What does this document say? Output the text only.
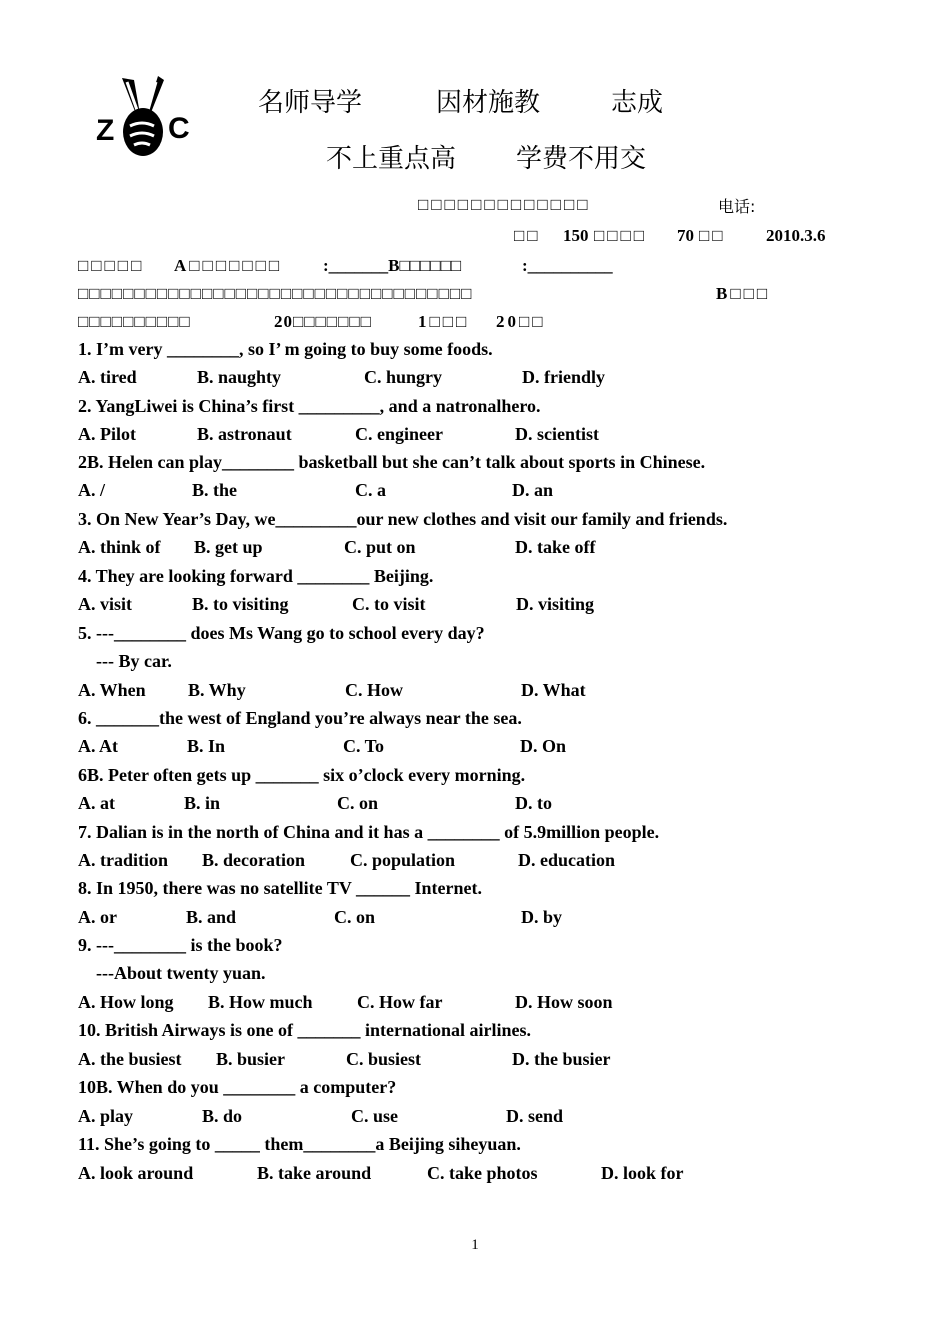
Z C
名师导学	因材施教	志成
不上重点高 学费不用交
□□□□□□□□□□□□□	电话:
□□ 150 □□□□ 70 □□ 2010.3.6
□□□□□ A□□□□□□□ :_______B□□□□□□	:__________
□□□□□□□□□□□□□□□□□□□□□□□□□□□□□□□□□□□	B□□□
□□□□□□□□□□	20□□□□□□□	1□□□ 20□□
1. I’m very ________, so I’ m going to buy some foods.
A. tired	B. naughty	C. hungry	D. friendly
2. YangLiwei is China’s first _________, and a natronalhero.
A. Pilot	B. astronaut	C. engineer	D. scientist
2B. Helen can play________ basketball but she can’t talk about sports in Chinese.
A. /	B. the	C. a	D. an
3. On New Year’s Day, we_________our new clothes and visit our family and friends.
A. think of B. get up	C. put on	D. take off
4. They are looking forward ________ Beijing.
A. visit	B. to visiting	C. to visit	D. visiting
5. ---________ does Ms Wang go to school every day?
--- By car.
A. When B. Why	C. How	D. What
6. _______the west of England you’re always near the sea.
A. At	B. In	C. To	D. On
6B. Peter often gets up _______ six o’clock every morning.
A. at	B. in	C. on	D. to
7. Dalian is in the north of China and it has a ________ of 5.9million people.
A. tradition B. decoration	C. population	D. education
8. In 1950, there was no satellite TV ______ Internet.
A. or	B. and	C. on	D. by
9. ---________ is the book?
---About twenty yuan.
A. How long B. How much C. How far	D. How soon
10. British Airways is one of _______ international airlines.
A. the busiest B. busier	C. busiest	D. the busier
10B. When do you ________ a computer?
A. play	B. do	C. use	D. send
11. She’s going to _____ them________a Beijing siheyuan.
A. look around	B. take around	C. take photos	D. look for
1
